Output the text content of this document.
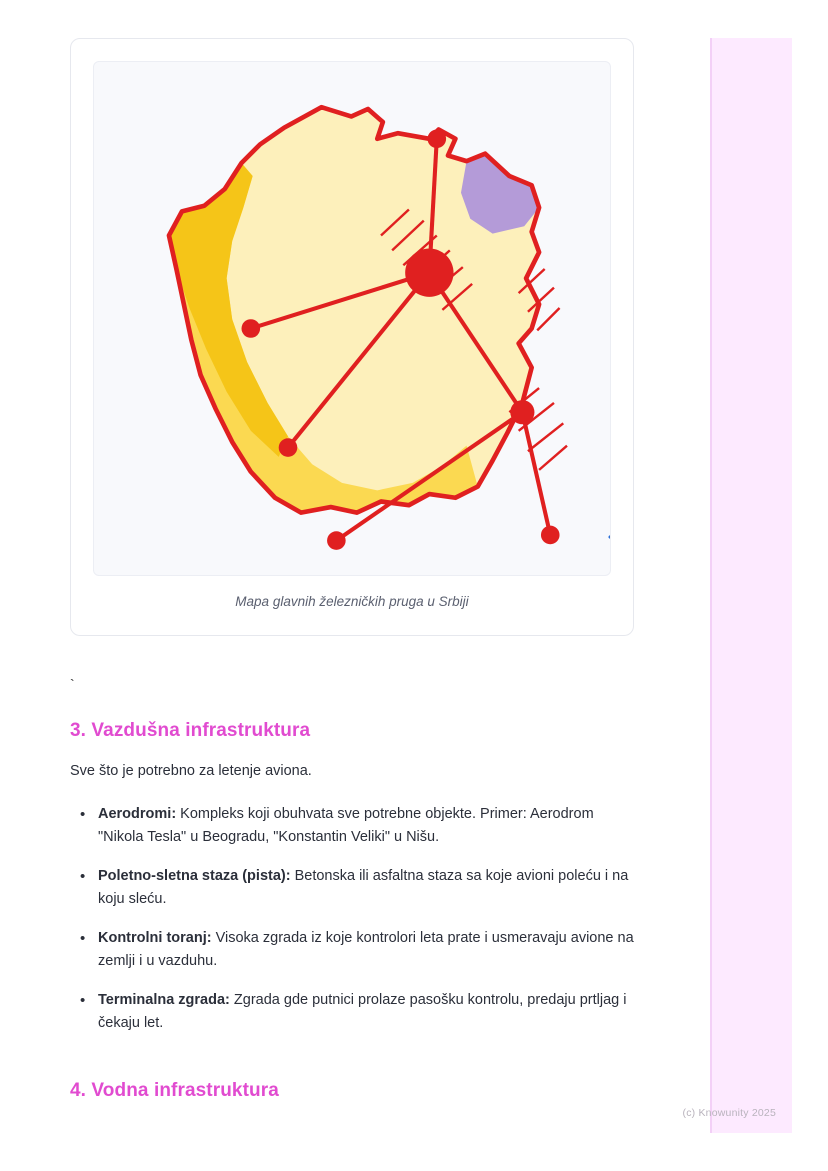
Mapa glavnih železničkih pruga u Srbiji
`
3. Vazdušna infrastruktura

Sve što je potrebno za letenje aviona.

• Aerodromi: Kompleks koji obuhvata sve potrebne objekte. Primer: Aerodrom "Nikola Tesla" u Beogradu, "Konstantin Veliki" u Nišu.
• Poletno-sletna staza (pista): Betonska ili asfaltna staza sa koje avioni poleću i na koju sleću.
• Kontrolni toranj: Visoka zgrada iz koje kontrolori leta prate i usmeravaju avione na zemlji i u vazduhu.
• Terminalna zgrada: Zgrada gde putnici prolaze pasošku kontrolu, predaju prtljag i čekaju let.
4. Vodna infrastruktura
(c) Knowunity 2025
